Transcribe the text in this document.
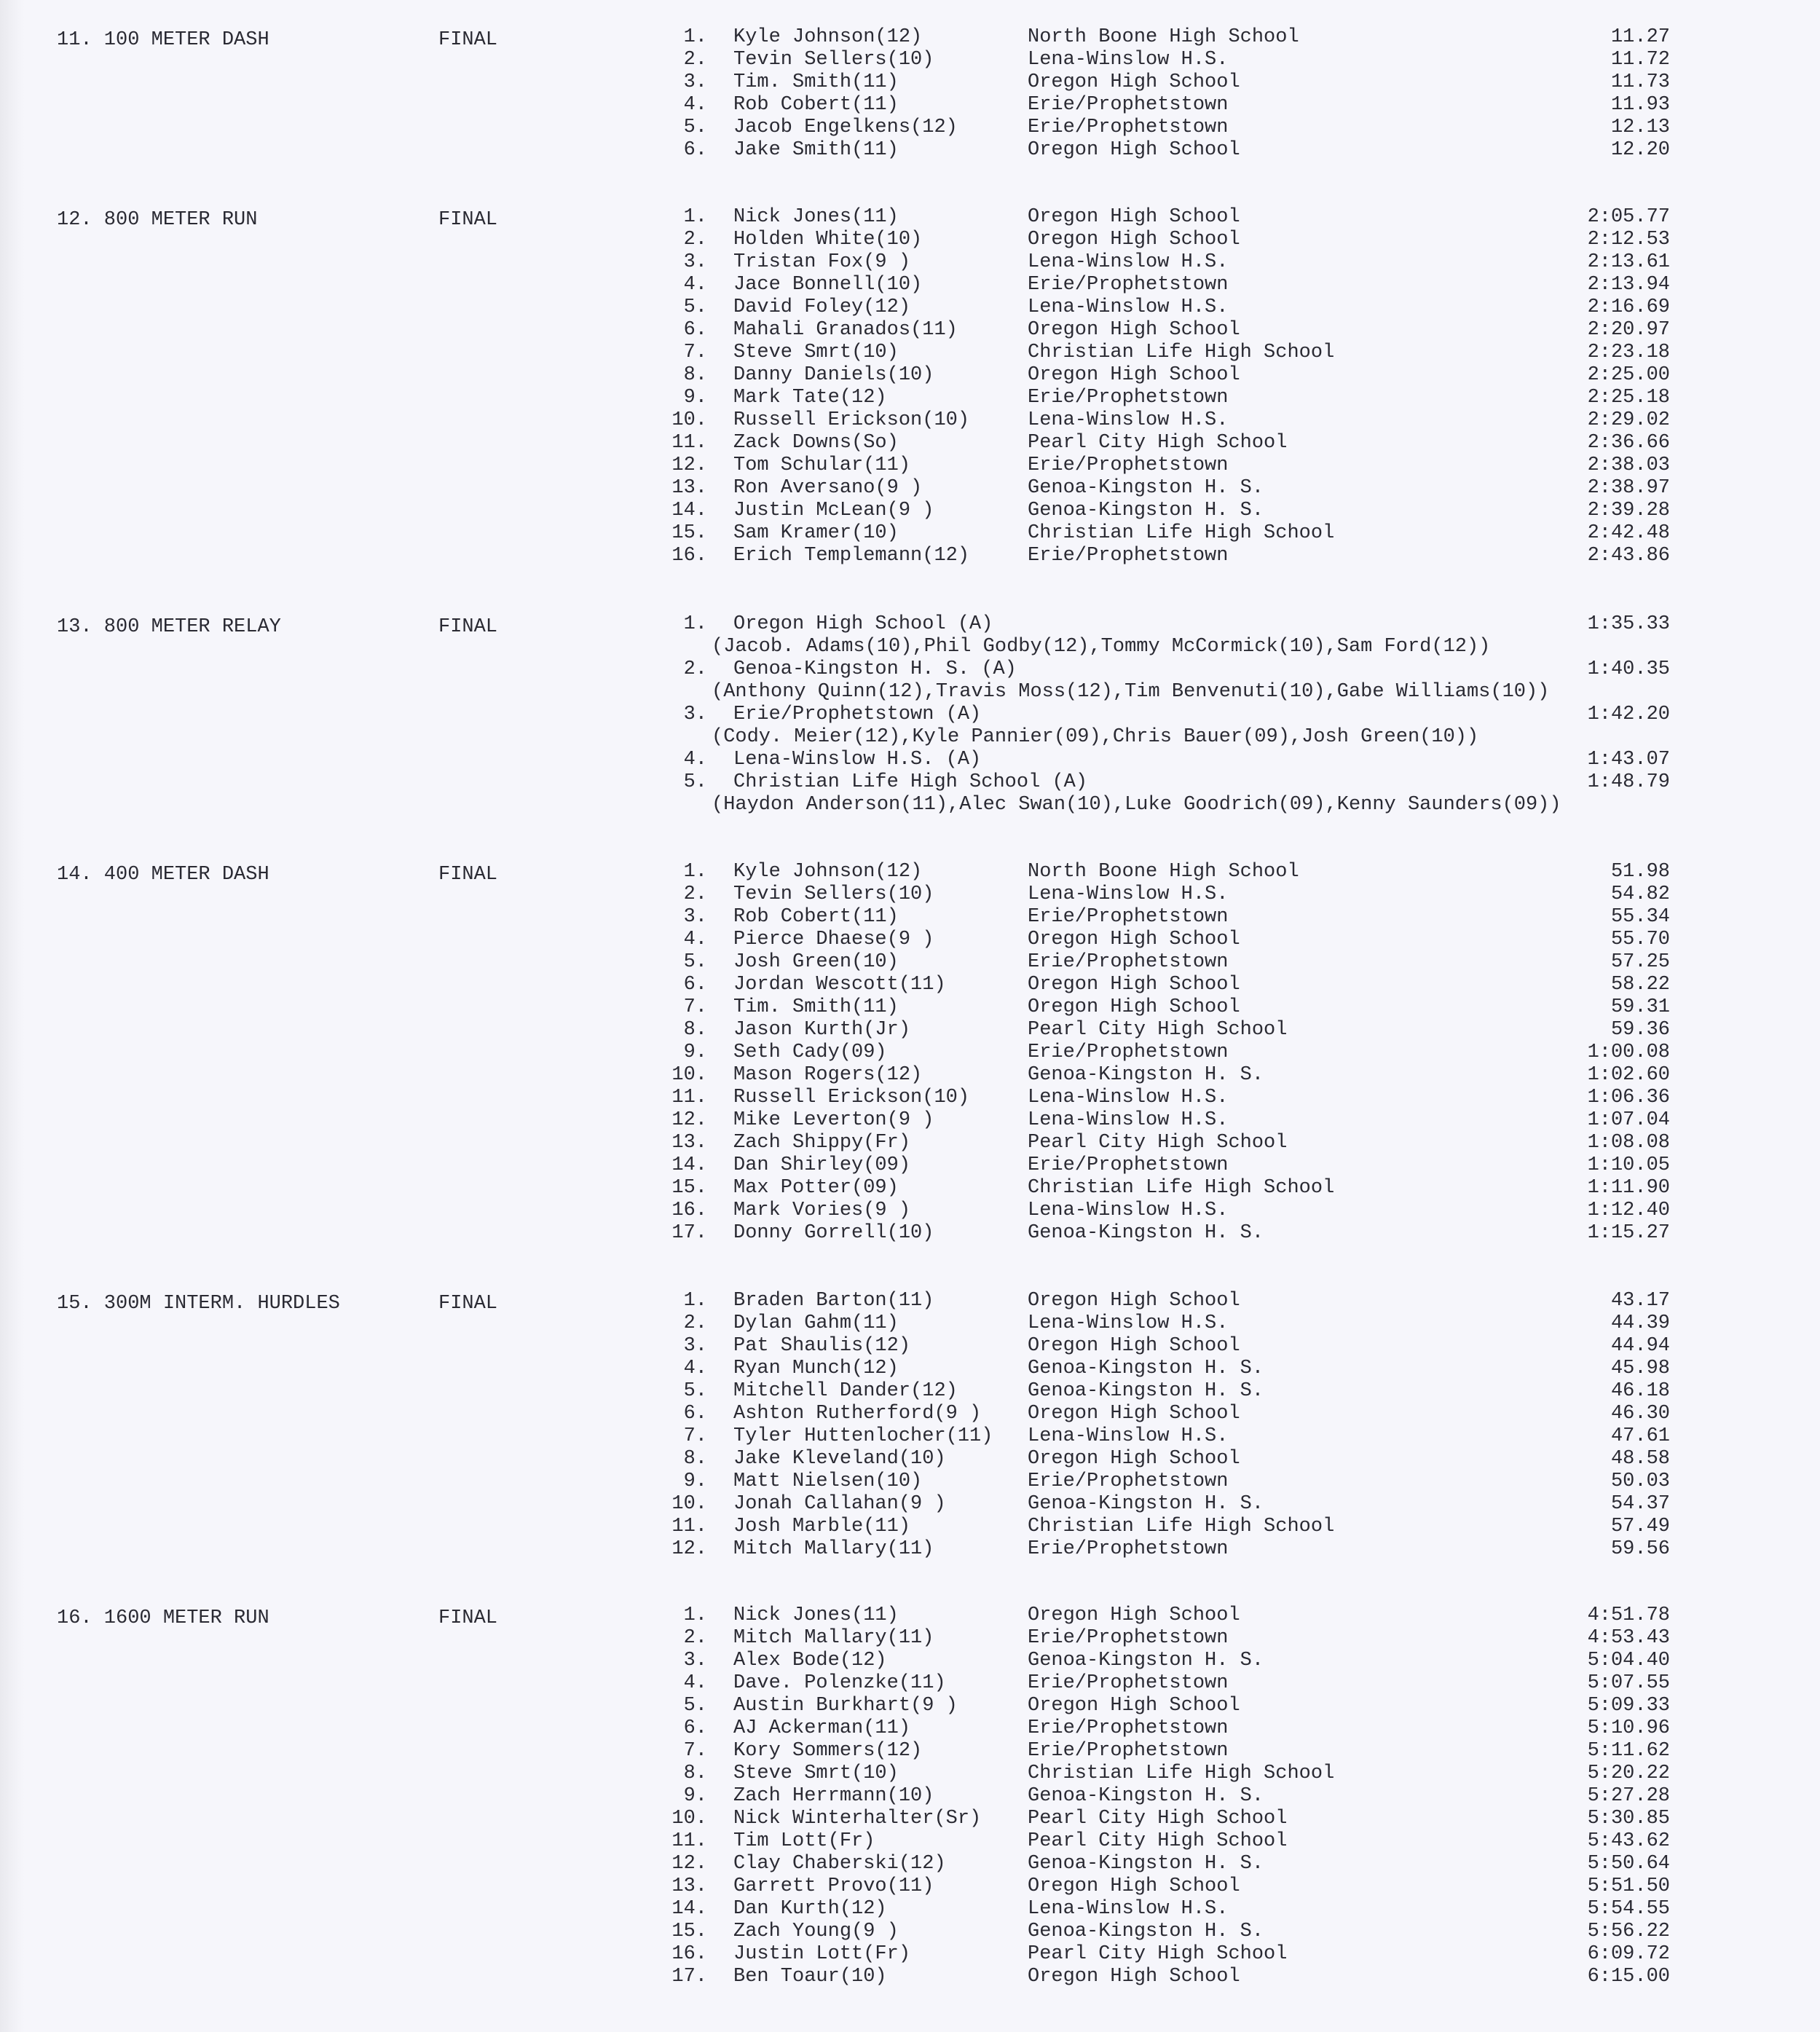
11. 100 METER DASH	FINAL	1. Kyle Johnson(12)	North Boone High School	11.27
2. Tevin Sellers(10)	Lena-Winslow H.S.	11.72
3. Tim. Smith(11)	Oregon High School	11.73
4. Rob Cobert(11)	Erie/Prophetstown	11.93
5. Jacob Engelkens(12)	Erie/Prophetstown	12.13
6. Jake Smith(11)	Oregon High School	12.20
12. 800 METER RUN	FINAL	1. Nick Jones(11)	Oregon High School	2:05.77
2. Holden White(10)	Oregon High School	2:12.53
3. Tristan Fox(9 )	Lena-Winslow H.S.	2:13.61
4. Jace Bonnell(10)	Erie/Prophetstown	2:13.94
5. David Foley(12)	Lena-Winslow H.S.	2:16.69
6. Mahali Granados(11)	Oregon High School	2:20.97
7. Steve Smrt(10)	Christian Life High School	2:23.18
8. Danny Daniels(10)	Oregon High School	2:25.00
9. Mark Tate(12)	Erie/Prophetstown	2:25.18
10. Russell Erickson(10)	Lena-Winslow H.S.	2:29.02
11. Zack Downs(So)	Pearl City High School	2:36.66
12. Tom Schular(11)	Erie/Prophetstown	2:38.03
13. Ron Aversano(9 )	Genoa-Kingston H. S.	2:38.97
14. Justin McLean(9 )	Genoa-Kingston H. S.	2:39.28
15. Sam Kramer(10)	Christian Life High School	2:42.48
16. Erich Templemann(12)	Erie/Prophetstown	2:43.86
13. 800 METER RELAY	FINAL	1. Oregon High School (A)	1:35.33
(Jacob. Adams(10),Phil Godby(12),Tommy McCormick(10),Sam Ford(12))
2. Genoa-Kingston H. S. (A)	1:40.35
(Anthony Quinn(12),Travis Moss(12),Tim Benvenuti(10),Gabe Williams(10))
3. Erie/Prophetstown (A)	1:42.20
(Cody. Meier(12),Kyle Pannier(09),Chris Bauer(09),Josh Green(10))
4. Lena-Winslow H.S. (A)	1:43.07
5. Christian Life High School (A)	1:48.79
(Haydon Anderson(11),Alec Swan(10),Luke Goodrich(09),Kenny Saunders(09))
14. 400 METER DASH	FINAL	1. Kyle Johnson(12)	North Boone High School	51.98
2. Tevin Sellers(10)	Lena-Winslow H.S.	54.82
3. Rob Cobert(11)	Erie/Prophetstown	55.34
4. Pierce Dhaese(9 )	Oregon High School	55.70
5. Josh Green(10)	Erie/Prophetstown	57.25
6. Jordan Wescott(11)	Oregon High School	58.22
7. Tim. Smith(11)	Oregon High School	59.31
8. Jason Kurth(Jr)	Pearl City High School	59.36
9. Seth Cady(09)	Erie/Prophetstown	1:00.08
10. Mason Rogers(12)	Genoa-Kingston H. S.	1:02.60
11. Russell Erickson(10)	Lena-Winslow H.S.	1:06.36
12. Mike Leverton(9 )	Lena-Winslow H.S.	1:07.04
13. Zach Shippy(Fr)	Pearl City High School	1:08.08
14. Dan Shirley(09)	Erie/Prophetstown	1:10.05
15. Max Potter(09)	Christian Life High School	1:11.90
16. Mark Vories(9 )	Lena-Winslow H.S.	1:12.40
17. Donny Gorrell(10)	Genoa-Kingston H. S.	1:15.27
15. 300M INTERM. HURDLES	FINAL	1. Braden Barton(11)	Oregon High School	43.17
2. Dylan Gahm(11)	Lena-Winslow H.S.	44.39
3. Pat Shaulis(12)	Oregon High School	44.94
4. Ryan Munch(12)	Genoa-Kingston H. S.	45.98
5. Mitchell Dander(12)	Genoa-Kingston H. S.	46.18
6. Ashton Rutherford(9 ) Oregon High School	46.30
7. Tyler Huttenlocher(11) Lena-Winslow H.S.	47.61
8. Jake Kleveland(10)	Oregon High School	48.58
9. Matt Nielsen(10)	Erie/Prophetstown	50.03
10. Jonah Callahan(9 )	Genoa-Kingston H. S.	54.37
11. Josh Marble(11)	Christian Life High School	57.49
12. Mitch Mallary(11)	Erie/Prophetstown	59.56
16. 1600 METER RUN	FINAL	1. Nick Jones(11)	Oregon High School	4:51.78
2. Mitch Mallary(11)	Erie/Prophetstown	4:53.43
3. Alex Bode(12)	Genoa-Kingston H. S.	5:04.40
4. Dave. Polenzke(11)	Erie/Prophetstown	5:07.55
5. Austin Burkhart(9 )	Oregon High School	5:09.33
6. AJ Ackerman(11)	Erie/Prophetstown	5:10.96
7. Kory Sommers(12)	Erie/Prophetstown	5:11.62
8. Steve Smrt(10)	Christian Life High School	5:20.22
9. Zach Herrmann(10)	Genoa-Kingston H. S.	5:27.28
10. Nick Winterhalter(Sr) Pearl City High School	5:30.85
11. Tim Lott(Fr)	Pearl City High School	5:43.62
12. Clay Chaberski(12)	Genoa-Kingston H. S.	5:50.64
13. Garrett Provo(11)	Oregon High School	5:51.50
14. Dan Kurth(12)	Lena-Winslow H.S.	5:54.55
15. Zach Young(9 )	Genoa-Kingston H. S.	5:56.22
16. Justin Lott(Fr)	Pearl City High School	6:09.72
17. Ben Toaur(10)	Oregon High School	6:15.00
